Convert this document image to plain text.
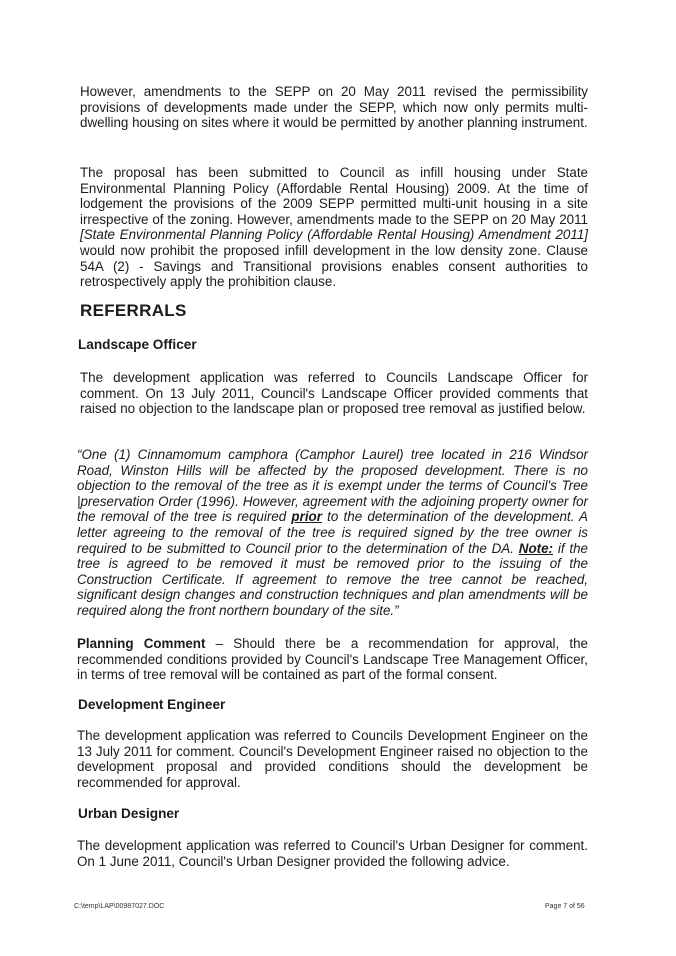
However, amendments to the SEPP on 20 May 2011 revised the permissibility provisions of developments made under the SEPP, which now only permits multi-dwelling housing on sites where it would be permitted by another planning instrument.

The proposal has been submitted to Council as infill housing under State Environmental Planning Policy (Affordable Rental Housing) 2009. At the time of lodgement the provisions of the 2009 SEPP permitted multi-unit housing in a site irrespective of the zoning. However, amendments made to the SEPP on 20 May 2011 [State Environmental Planning Policy (Affordable Rental Housing) Amendment 2011] would now prohibit the proposed infill development in the low density zone. Clause 54A (2) - Savings and Transitional provisions enables consent authorities to retrospectively apply the prohibition clause.

REFERRALS
Landscape Officer

The development application was referred to Councils Landscape Officer for comment. On 13 July 2011, Council's Landscape Officer provided comments that raised no objection to the landscape plan or proposed tree removal as justified below.

“One (1) Cinnamomum camphora (Camphor Laurel) tree located in 216 Windsor Road, Winston Hills will be affected by the proposed development. There is no objection to the removal of the tree as it is exempt under the terms of Council's Tree |preservation Order (1996). However, agreement with the adjoining property owner for the removal of the tree is required prior to the determination of the development. A letter agreeing to the removal of the tree is required signed by the tree owner is required to be submitted to Council prior to the determination of the DA. Note: if the tree is agreed to be removed it must be removed prior to the issuing of the Construction Certificate. If agreement to remove the tree cannot be reached, significant design changes and construction techniques and plan amendments will be required along the front northern boundary of the site.”

Planning Comment – Should there be a recommendation for approval, the recommended conditions provided by Council's Landscape Tree Management Officer, in terms of tree removal will be contained as part of the formal consent.

Development Engineer

The development application was referred to Councils Development Engineer on the 13 July 2011 for comment. Council's Development Engineer raised no objection to the development proposal and provided conditions should the development be recommended for approval.

Urban Designer

The development application was referred to Council's Urban Designer for comment. On 1 June 2011, Council's Urban Designer provided the following advice.

C:\temp\LAP\00987027.DOC	Page 7 of 56
